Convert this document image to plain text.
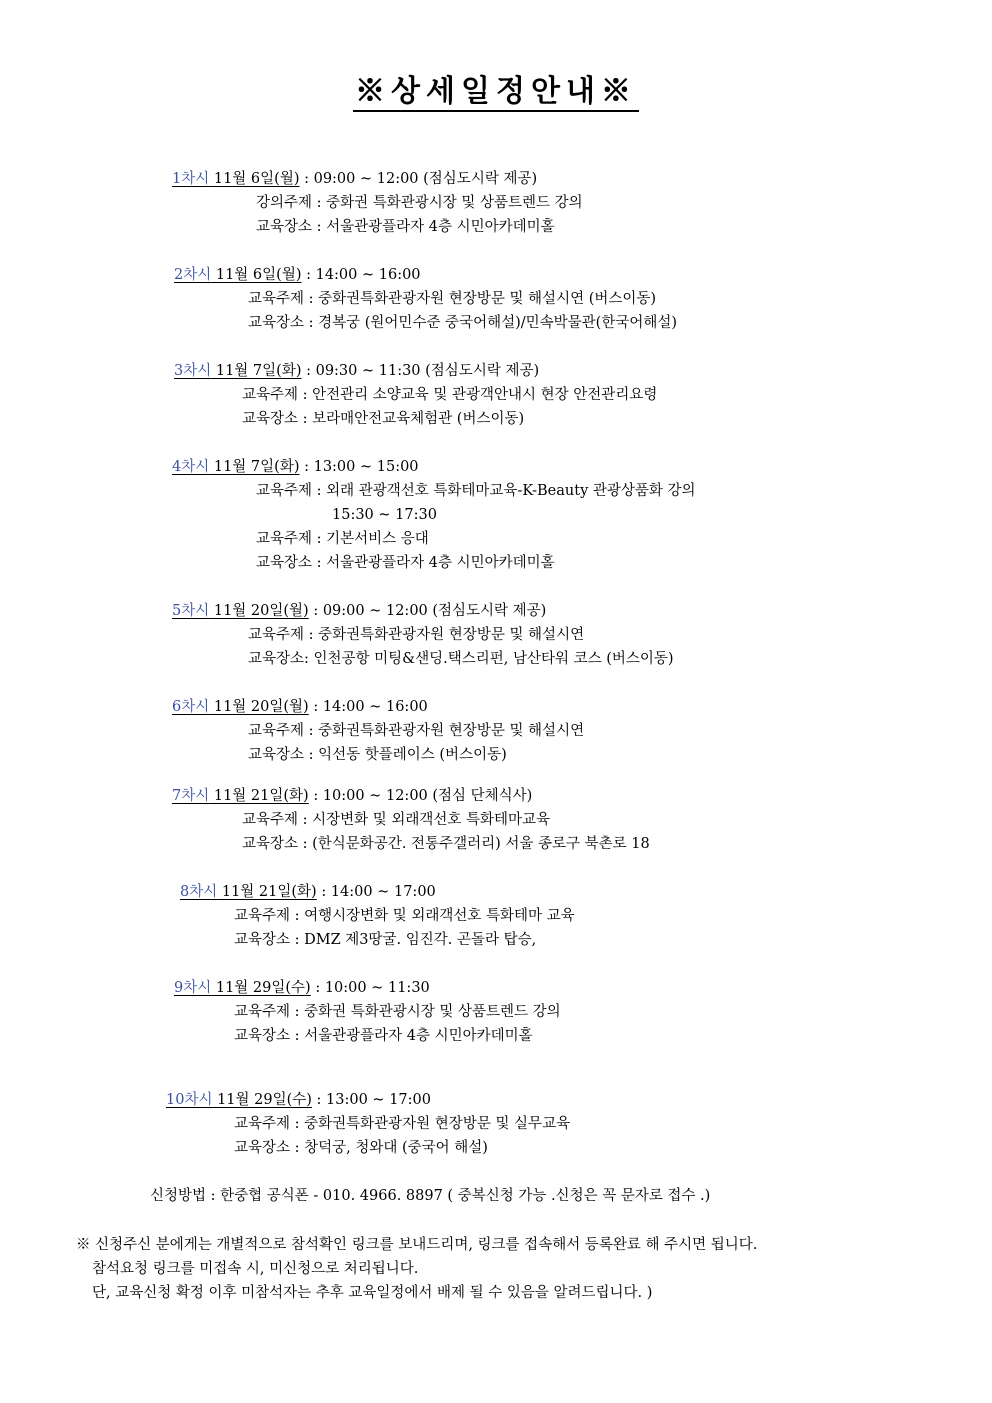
※상세일정안내※
1차시 11월 6일(월) : 09:00 ~ 12:00 (점심도시락 제공)
강의주제 : 중화권 특화관광시장 및 상품트렌드 강의
교육장소 : 서울관광플라자 4층 시민아카데미홀
2차시 11월 6일(월) : 14:00 ~ 16:00
교육주제 : 중화권특화관광자원 현장방문 및 해설시연 (버스이동)
교육장소 : 경복궁 (원어민수준 중국어해설)/민속박물관(한국어해설)
3차시 11월 7일(화) : 09:30 ~ 11:30 (점심도시락 제공)
교육주제 : 안전관리 소양교육 및 관광객안내시 현장 안전관리요령
교육장소 : 보라매안전교육체험관 (버스이동)
4차시 11월 7일(화) : 13:00 ~ 15:00
교육주제 : 외래 관광객선호 특화테마교육-K-Beauty 관광상품화 강의
15:30 ~ 17:30
교육주제 : 기본서비스 응대
교육장소 : 서울관광플라자 4층 시민아카데미홀
5차시 11월 20일(월) : 09:00 ~ 12:00 (점심도시락 제공)
교육주제 : 중화권특화관광자원 현장방문 및 해설시연
교육장소: 인천공항 미팅&샌딩.택스리펀, 남산타워 코스 (버스이동)
6차시 11월 20일(월) : 14:00 ~ 16:00
교육주제 : 중화권특화관광자원 현장방문 및 해설시연
교육장소 : 익선동 핫플레이스 (버스이동)
7차시 11월 21일(화) : 10:00 ~ 12:00 (점심 단체식사)
교육주제 : 시장변화 및 외래객선호 특화테마교육
교육장소 : (한식문화공간. 전통주갤러리) 서울 종로구 북촌로 18
8차시 11월 21일(화) : 14:00 ~ 17:00
교육주제 : 여행시장변화 및 외래객선호 특화테마 교육
교육장소 : DMZ 제3땅굴. 임진각. 곤돌라 탑승,
9차시 11월 29일(수) : 10:00 ~ 11:30
교육주제 : 중화권 특화관광시장 및 상품트렌드 강의
교육장소 : 서울관광플라자 4층 시민아카데미홀
10차시 11월 29일(수) : 13:00 ~ 17:00
교육주제 : 중화권특화관광자원 현장방문 및 실무교육
교육장소 : 창덕궁, 청와대 (중국어 해설)
신청방법 : 한중협 공식폰 - 010. 4966. 8897 ( 중복신청 가능 .신청은 꼭 문자로 접수 .)
※ 신청주신 분에게는 개별적으로 참석확인 링크를 보내드리며, 링크를 접속해서 등록완료 해 주시면 됩니다.
참석요청 링크를 미접속 시, 미신청으로 처리됩니다.
단, 교육신청 확정 이후 미참석자는 추후 교육일정에서 배제 될 수 있음을 알려드립니다. )
